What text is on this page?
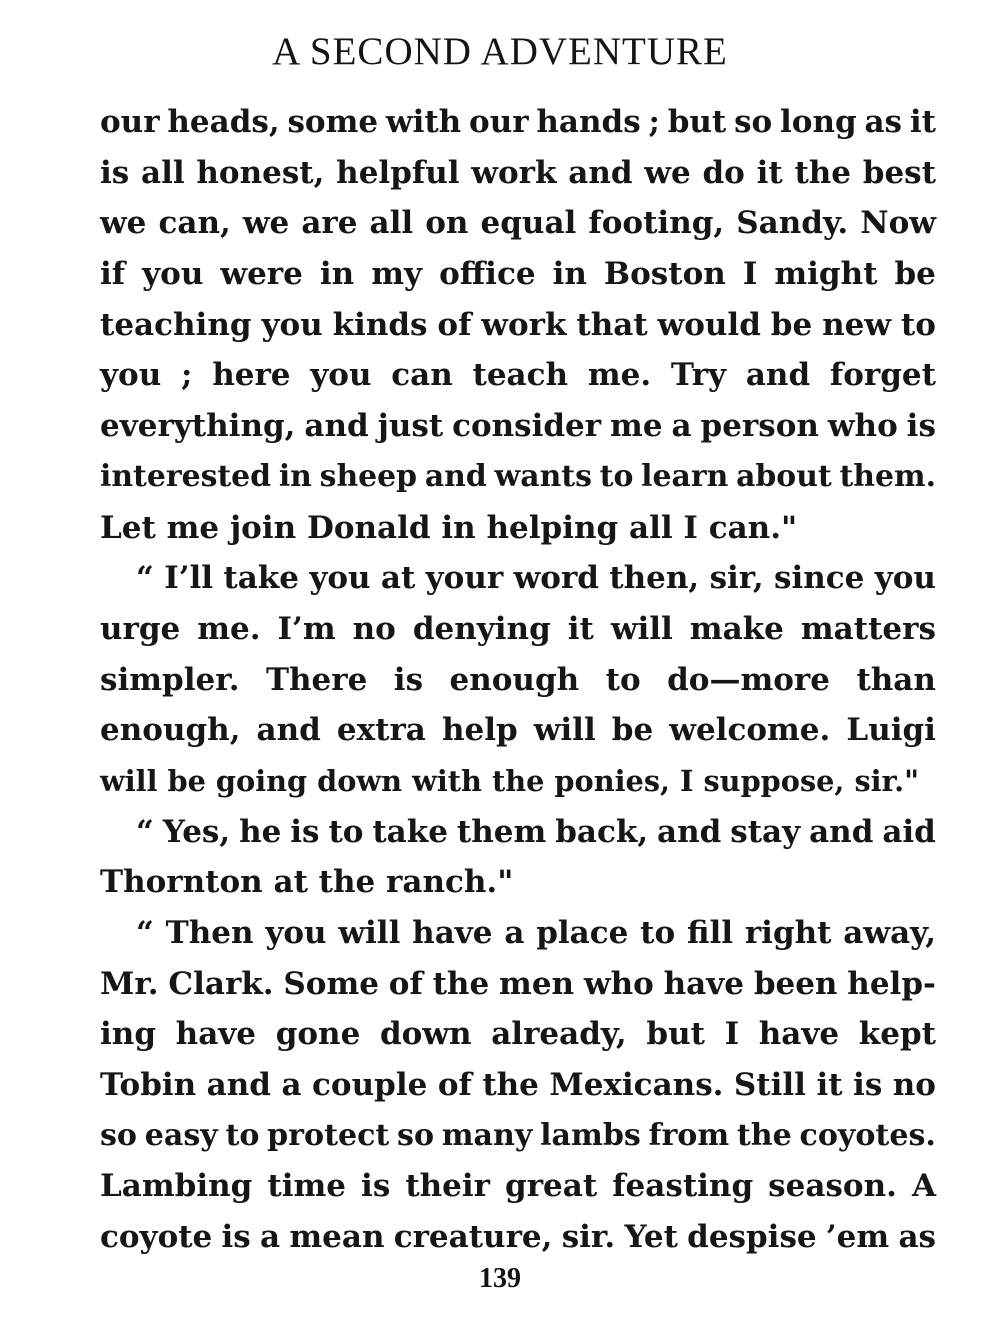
A SECOND ADVENTURE
our heads, some with our hands ; but so long as it
is all honest, helpful work and we do it the best
we can, we are all on equal footing, Sandy. Now
if you were in my office in Boston I might be
teaching you kinds of work that would be new to
you ; here you can teach me. Try and forget
everything, and just consider me a person who is
interested in sheep and wants to learn about them.
Let me join Donald in helping all I can."
“ I’ll take you at your word then, sir, since you
urge me. I’m no denying it will make matters
simpler. There is enough to do—more than
enough, and extra help will be welcome. Luigi
will be going down with the ponies, I suppose, sir."
“ Yes, he is to take them back, and stay and aid
Thornton at the ranch."
“ Then you will have a place to fill right away,
Mr. Clark. Some of the men who have been help-
ing have gone down already, but I have kept
Tobin and a couple of the Mexicans. Still it is no
so easy to protect so many lambs from the coyotes.
Lambing time is their great feasting season. A
coyote is a mean creature, sir. Yet despise ’em as
139
